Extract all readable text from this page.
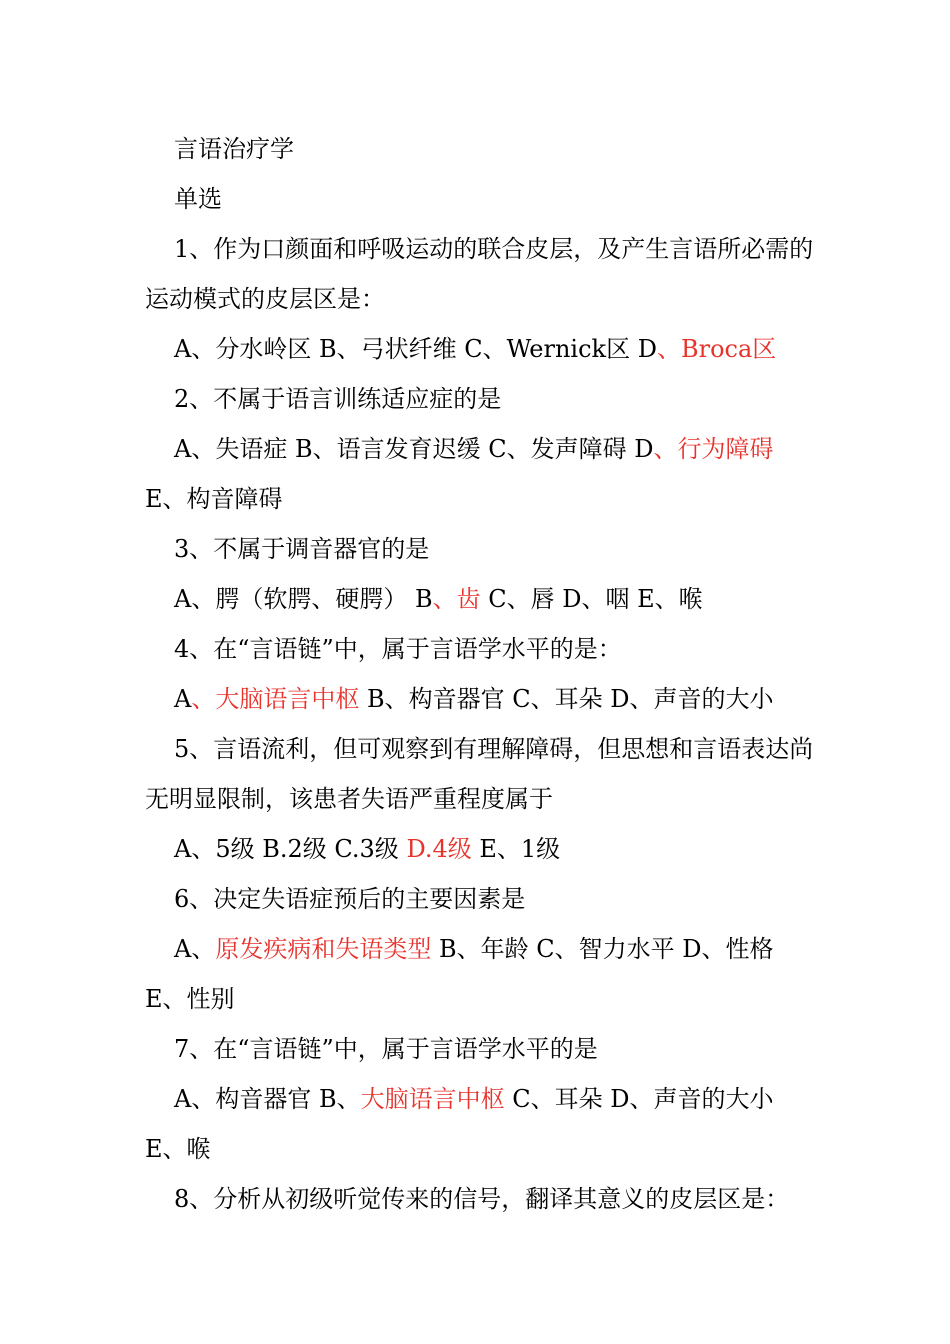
言语治疗学

单选

1、作为口颜面和呼吸运动的联合皮层，及产生言语所必需的运动模式的皮层区是：

A、分水岭区 B、弓状纤维 C、Wernick区 D、Broca区

2、不属于语言训练适应症的是

A、失语症 B、语言发育迟缓 C、发声障碍 D、行为障碍 E、构音障碍

3、不属于调音器官的是

A、腭（软腭、硬腭） B、齿 C、唇 D、咽 E、喉

4、在“言语链”中，属于言语学水平的是：

A、大脑语言中枢 B、构音器官 C、耳朵 D、声音的大小

5、言语流利，但可观察到有理解障碍，但思想和言语表达尚无明显限制，该患者失语严重程度属于

A、5级 B.2级 C.3级 D.4级 E、1级

6、决定失语症预后的主要因素是

A、原发疾病和失语类型 B、年龄 C、智力水平 D、性格 E、性别

7、在“言语链”中，属于言语学水平的是

A、构音器官 B、大脑语言中枢 C、耳朵 D、声音的大小 E、喉

8、分析从初级听觉传来的信号，翻译其意义的皮层区是：
